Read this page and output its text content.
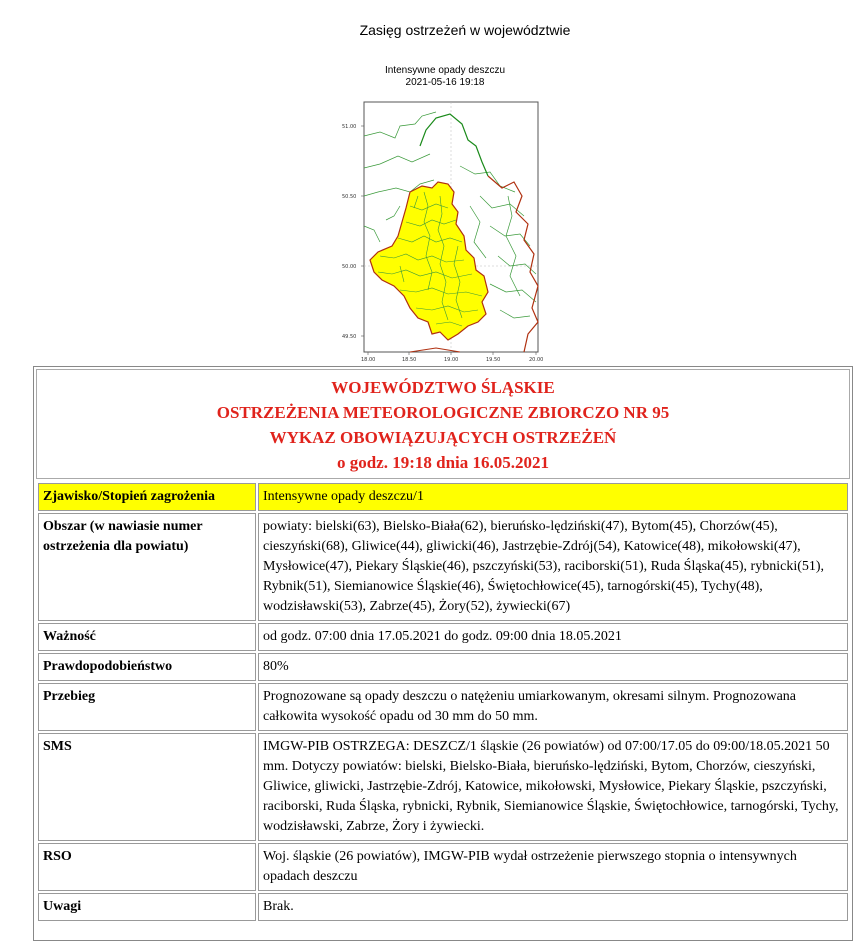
Zasięg ostrzeżeń w województwie
Intensywne opady deszczu
2021-05-16 19:18
51.00
50.50
50.00
49.50
18.00	18.50	19.00	19.50	20.00
WOJEWÓDZTWO ŚLĄSKIE
OSTRZEŻENIA METEOROLOGICZNE ZBIORCZO NR 95
WYKAZ OBOWIĄZUJĄCYCH OSTRZEŻEŃ
o godz. 19:18 dnia 16.05.2021
Zjawisko/Stopień zagrożenia	Intensywne opady deszczu/1
Obszar (w nawiasie numer ostrzeżenia dla powiatu)	powiaty: bielski(63), Bielsko-Biała(62), bieruńsko-lędziński(47), Bytom(45), Chorzów(45), cieszyński(68), Gliwice(44), gliwicki(46), Jastrzębie-Zdrój(54), Katowice(48), mikołowski(47), Mysłowice(47), Piekary Śląskie(46), pszczyński(53), raciborski(51), Ruda Śląska(45), rybnicki(51), Rybnik(51), Siemianowice Śląskie(46), Świętochłowice(45), tarnogórski(45), Tychy(48), wodzisławski(53), Zabrze(45), Żory(52), żywiecki(67)
Ważność	od godz. 07:00 dnia 17.05.2021 do godz. 09:00 dnia 18.05.2021
Prawdopodobieństwo	80%
Przebieg	Prognozowane są opady deszczu o natężeniu umiarkowanym, okresami silnym. Prognozowana całkowita wysokość opadu od 30 mm do 50 mm.
SMS	IMGW-PIB OSTRZEGA: DESZCZ/1 śląskie (26 powiatów) od 07:00/17.05 do 09:00/18.05.2021 50 mm. Dotyczy powiatów: bielski, Bielsko-Biała, bieruńsko-lędziński, Bytom, Chorzów, cieszyński, Gliwice, gliwicki, Jastrzębie-Zdrój, Katowice, mikołowski, Mysłowice, Piekary Śląskie, pszczyński, raciborski, Ruda Śląska, rybnicki, Rybnik, Siemianowice Śląskie, Świętochłowice, tarnogórski, Tychy, wodzisławski, Zabrze, Żory i żywiecki.
RSO	Woj. śląskie (26 powiatów), IMGW-PIB wydał ostrzeżenie pierwszego stopnia o intensywnych opadach deszczu
Uwagi	Brak.
